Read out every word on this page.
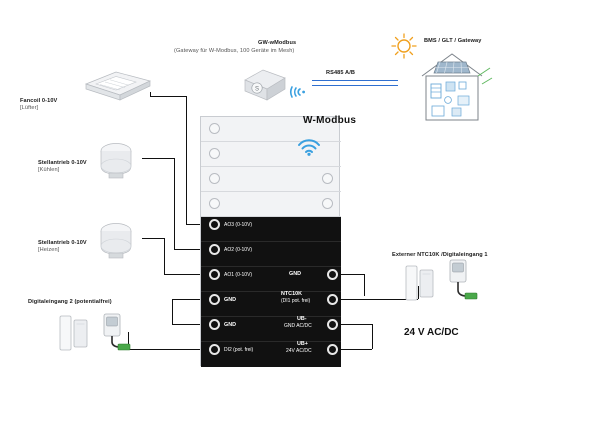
AO3 (0-10V)
AO2 (0-10V)
AO1 (0-10V)
GND
GND
DI2 (pot. frei)
GND
NTC10K
(DI1 pot. frei)
UB-
GND AC/DC
UB+
24V AC/DC
W-Modbus
24 V AC/DC
S
GW-wModbus
(Gateway für W-Modbus, 100 Geräte im Mesh)
RS485 A/B
BMS / GLT / Gateway
Fancoil 0-10V
[Lüfter]
Stellantrieb 0-10V
[Kühlen]
Stellantrieb 0-10V
[Heizen]
Digitaleingang 2 (potentialfrei)
Externer NTC10K /Digitaleingang 1
